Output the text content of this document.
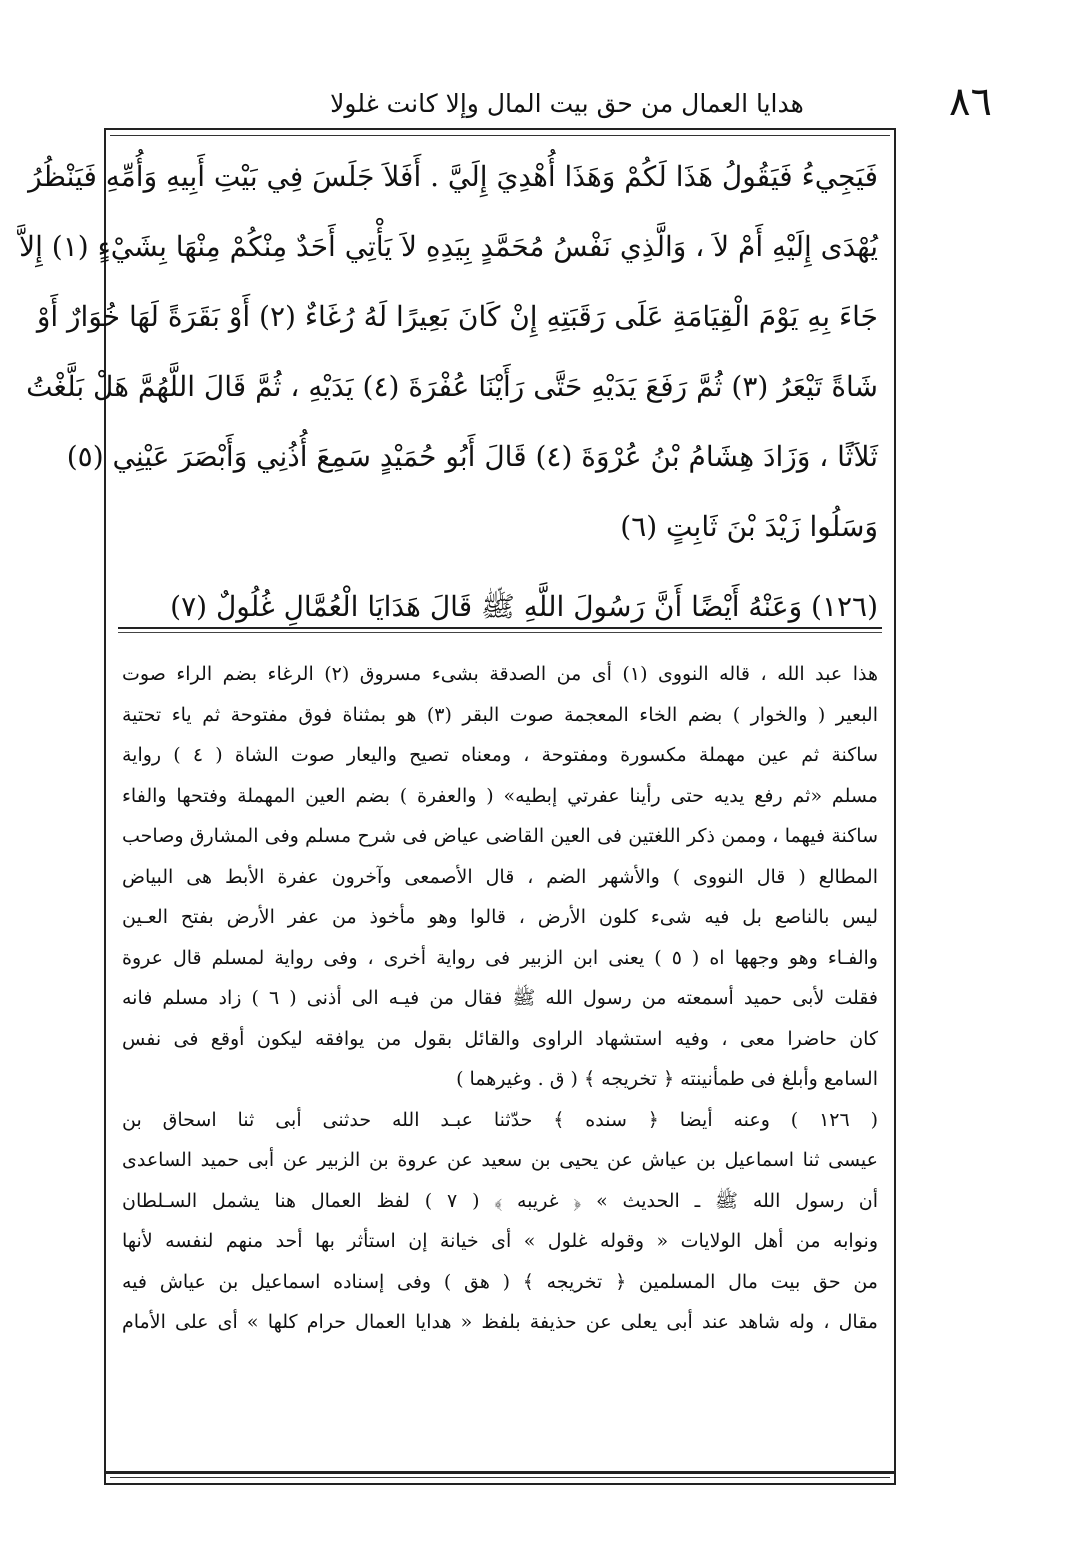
٨٦
هدايا العمال من حق بيت المال وإلا كانت غلولا
فَيَجِيءُ فَيَقُولُ هَذَا لَكُمْ وَهَذَا أُهْدِيَ إِلَيَّ . أَفَلاَ جَلَسَ فِي بَيْتِ أَبِيهِ وَأُمِّهِ فَيَنْظُرُ
يُهْدَى إِلَيْهِ أَمْ لاَ ، وَالَّذِي نَفْسُ مُحَمَّدٍ بِيَدِهِ لاَ يَأْتِي أَحَدٌ مِنْكُمْ مِنْهَا بِشَيْءٍ (١) إِلاَّ
جَاءَ بِهِ يَوْمَ الْقِيَامَةِ عَلَى رَقَبَتِهِ إِنْ كَانَ بَعِيرًا لَهُ رُغَاءٌ (٢) أَوْ بَقَرَةً لَهَا خُوَارٌ أَوْ
شَاةً تَيْعَرُ (٣) ثُمَّ رَفَعَ يَدَيْهِ حَتَّى رَأَيْنَا عُفْرَةَ (٤) يَدَيْهِ ، ثُمَّ قَالَ اللَّهُمَّ هَلْ بَلَّغْتُ
ثَلاَثًا ، وَزَادَ هِشَامُ بْنُ عُرْوَةَ (٤) قَالَ أَبُو حُمَيْدٍ سَمِعَ أُذُنِي وَأَبْصَرَ عَيْنِي (٥)
وَسَلُوا زَيْدَ بْنَ ثَابِتٍ (٦)
(١٢٦) وَعَنْهُ أَيْضًا أَنَّ رَسُولَ اللَّهِ ﷺ قَالَ هَدَايَا الْعُمَّالِ غُلُولٌ (٧)
هذا عبد الله ، قاله النووى (١) أى من الصدقة بشىء مسروق (٢) الرغاء بضم الراء صوت
البعير ( والخوار ) بضم الخاء المعجمة صوت البقر (٣) هو بمثناة فوق مفتوحة ثم ياء تحتية
ساكنة ثم عين مهملة مكسورة ومفتوحة ، ومعناه تصيح واليعار صوت الشاة ( ٤ ) رواية
مسلم «ثم رفع يديه حتى رأينا عفرتي إبطيه» ( والعفرة ) بضم العين المهملة وفتحها والفاء
ساكنة فيهما ، وممن ذكر اللغتين فى العين القاضى عياض فى شرح مسلم وفى المشارق وصاحب
المطالع ( قال النووى ) والأشهر الضم ، قال الأصمعى وآخرون عفرة الأبط هى البياض
ليس بالناصع بل فيه شىء كلون الأرض ، قالوا وهو مأخوذ من عفر الأرض بفتح العـين
والفـاء وهو وجهها اه ( ٥ ) يعنى ابن الزبير فى رواية أخرى ، وفى رواية لمسلم قال عروة
فقلت لأبى حميد أسمعته من رسول الله ﷺ فقال من فيـه الى أذنى ( ٦ ) زاد مسلم فانه
كان حاضرا معى ، وفيه استشهاد الراوى والقائل بقول من يوافقه ليكون أوقع فى نفس
السامع وأبلغ فى طمأنينته ﴿ تخريجه ﴾ ( ق . وغيرهما )
( ١٢٦ ) وعنه أيضا ﴿ سنده ﴾ حدّثنا عبـد الله حدثنى أبى ثنا اسحاق بن
عيسى ثنا اسماعيل بن عياش عن يحيى بن سعيد عن عروة بن الزبير عن أبى حميد الساعدى
أن رسول الله ﷺ ـ الحديث » ﴿ غريبه ﴾ ( ٧ ) لفظ العمال هنا يشمل السـلطان
ونوابه من أهل الولايات « وقوله غلول » أى خيانة إن استأثر بها أحد منهم لنفسه لأنها
من حق بيت مال المسلمين ﴿ تخريجه ﴾ ( هق ) وفى إسناده اسماعيل بن عياش فيه
مقال ، وله شاهد عند أبى يعلى عن حذيفة بلفظ « هدايا العمال حرام كلها » أى على الأمام
